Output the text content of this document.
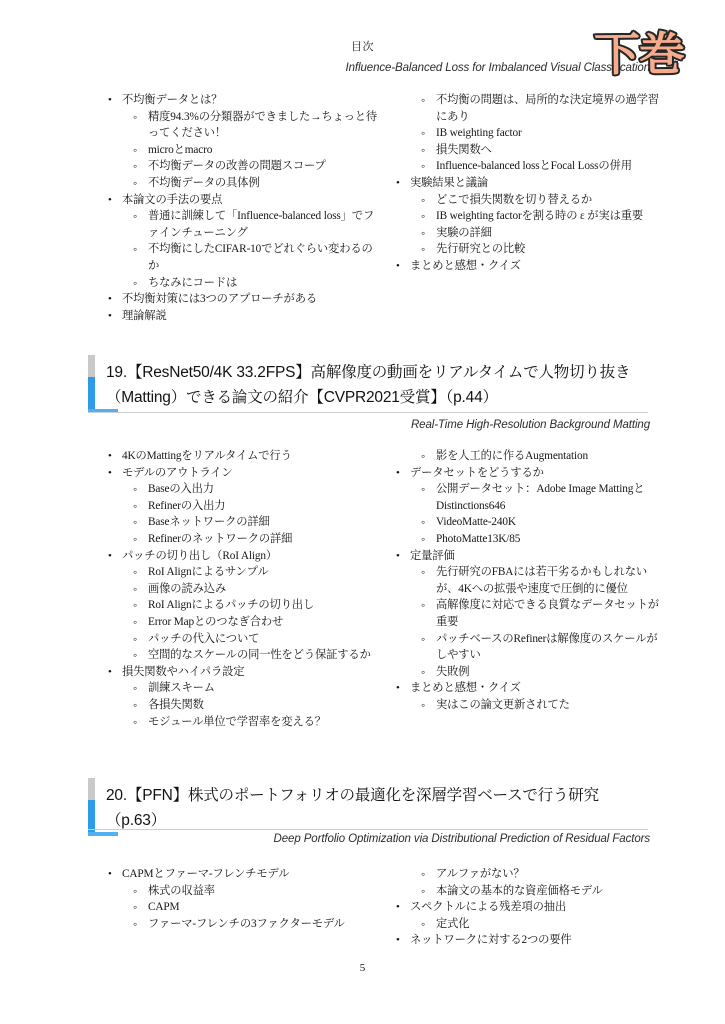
目次
Influence-Balanced Loss for Imbalanced Visual Classification
下巻
• 不均衡データとは？
◦ 精度94.3%の分類器ができました→ちょっと待ってください！
◦ microとmacro
◦ 不均衡データの改善の問題スコープ
◦ 不均衡データの具体例
• 本論文の手法の要点
◦ 普通に訓練して「Influence-balanced loss」でファインチューニング
◦ 不均衡にしたCIFAR-10でどれぐらい変わるのか
◦ ちなみにコードは
• 不均衡対策には3つのアプローチがある
• 理論解説
◦ 不均衡の問題は、局所的な決定境界の過学習にあり
◦ IB weighting factor
◦ 損失関数へ
◦ Influence-balanced lossとFocal Lossの併用
• 実験結果と議論
◦ どこで損失関数を切り替えるか
◦ IB weighting factorを割る時の ε が実は重要
◦ 実験の詳細
◦ 先行研究との比較
• まとめと感想・クイズ
19.【ResNet50/4K 33.2FPS】高解像度の動画をリアルタイムで人物切り抜き（Matting）できる論文の紹介【CVPR2021受賞】（p.44）
Real-Time High-Resolution Background Matting
• 4KのMattingをリアルタイムで行う
• モデルのアウトライン
◦ Baseの入出力
◦ Refinerの入出力
◦ Baseネットワークの詳細
◦ Refinerのネットワークの詳細
• パッチの切り出し（RoI Align）
◦ RoI Alignによるサンプル
◦ 画像の読み込み
◦ RoI Alignによるパッチの切り出し
◦ Error Mapとのつなぎ合わせ
◦ パッチの代入について
◦ 空間的なスケールの同一性をどう保証するか
• 損失関数やハイパラ設定
◦ 訓練スキーム
◦ 各損失関数
◦ モジュール単位で学習率を変える？
◦ 影を人工的に作るAugmentation
• データセットをどうするか
◦ 公開データセット：Adobe Image MattingとDistinctions646
◦ VideoMatte-240K
◦ PhotoMatte13K/85
• 定量評価
◦ 先行研究のFBAには若干劣るかもしれないが、4Kへの拡張や速度で圧倒的に優位
◦ 高解像度に対応できる良質なデータセットが重要
◦ パッチベースのRefinerは解像度のスケールがしやすい
◦ 失敗例
• まとめと感想・クイズ
◦ 実はこの論文更新されてた
20.【PFN】株式のポートフォリオの最適化を深層学習ベースで行う研究（p.63）
Deep Portfolio Optimization via Distributional Prediction of Residual Factors
• CAPMとファーマ-フレンチモデル
◦ 株式の収益率
◦ CAPM
◦ ファーマ-フレンチの3ファクターモデル
◦ アルファがない？
◦ 本論文の基本的な資産価格モデル
• スペクトルによる残差項の抽出
◦ 定式化
• ネットワークに対する2つの要件
5
